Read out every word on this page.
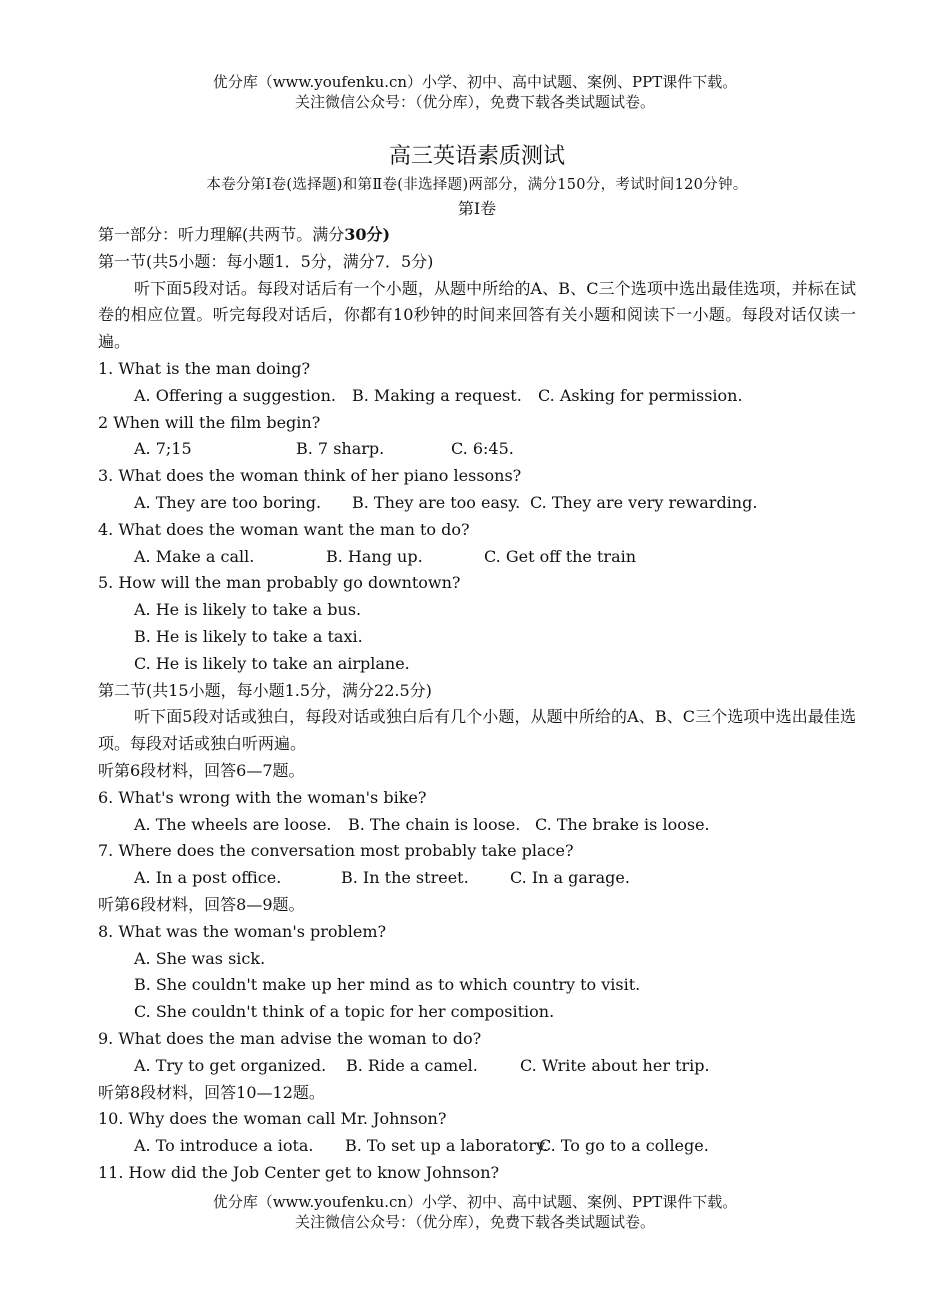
优分库（www.youfenku.cn）小学、初中、高中试题、案例、PPT课件下载。
关注微信公众号：（优分库），免费下载各类试题试卷。
高三英语素质测试
本卷分第Ⅰ卷(选择题)和第Ⅱ卷(非选择题)两部分，满分150分，考试时间120分钟。
第Ⅰ卷
第一部分：听力理解(共两节。满分30分)
第一节(共5小题：每小题1．5分，满分7．5分)
听下面5段对话。每段对话后有一个小题，从题中所给的A、B、C三个选项中选出最佳选项，并标在试卷的相应位置。听完每段对话后，你都有10秒钟的时间来回答有关小题和阅读下一小题。每段对话仅读一遍。
1. What is the man doing?
A. Offering a suggestion. B. Making a request. C. Asking for permission.
2 When will the film begin?
A. 7;15	B. 7 sharp.	C. 6:45.
3. What does the woman think of her piano lessons?
A. They are too boring. B. They are too easy. C. They are very rewarding.
4. What does the woman want the man to do?
A. Make a call.	B. Hang up.	C. Get off the train
5. How will the man probably go downtown?
A. He is likely to take a bus.
B. He is likely to take a taxi.
C. He is likely to take an airplane.
第二节(共15小题，每小题1.5分，满分22.5分)
听下面5段对话或独白，每段对话或独白后有几个小题，从题中所给的A、B、C三个选项中选出最佳选项。每段对话或独白听两遍。
听第6段材料，回答6—7题。
6. What's wrong with the woman's bike?
A. The wheels are loose. B. The chain is loose. C. The brake is loose.
7. Where does the conversation most probably take place?
A. In a post office.	B. In the street.	C. In a garage.
听第6段材料，回答8—9题。
8. What was the woman's problem?
A. She was sick.
B. She couldn't make up her mind as to which country to visit.
C. She couldn't think of a topic for her composition.
9. What does the man advise the woman to do?
A. Try to get organized. B. Ride a camel.	C. Write about her trip.
听第8段材料，回答10—12题。
10. Why does the woman call Mr. Johnson?
A. To introduce a iota. B. To set up a laboratory.C. To go to a college.
11. How did the Job Center get to know Johnson?
优分库（www.youfenku.cn）小学、初中、高中试题、案例、PPT课件下载。
关注微信公众号：（优分库），免费下载各类试题试卷。
